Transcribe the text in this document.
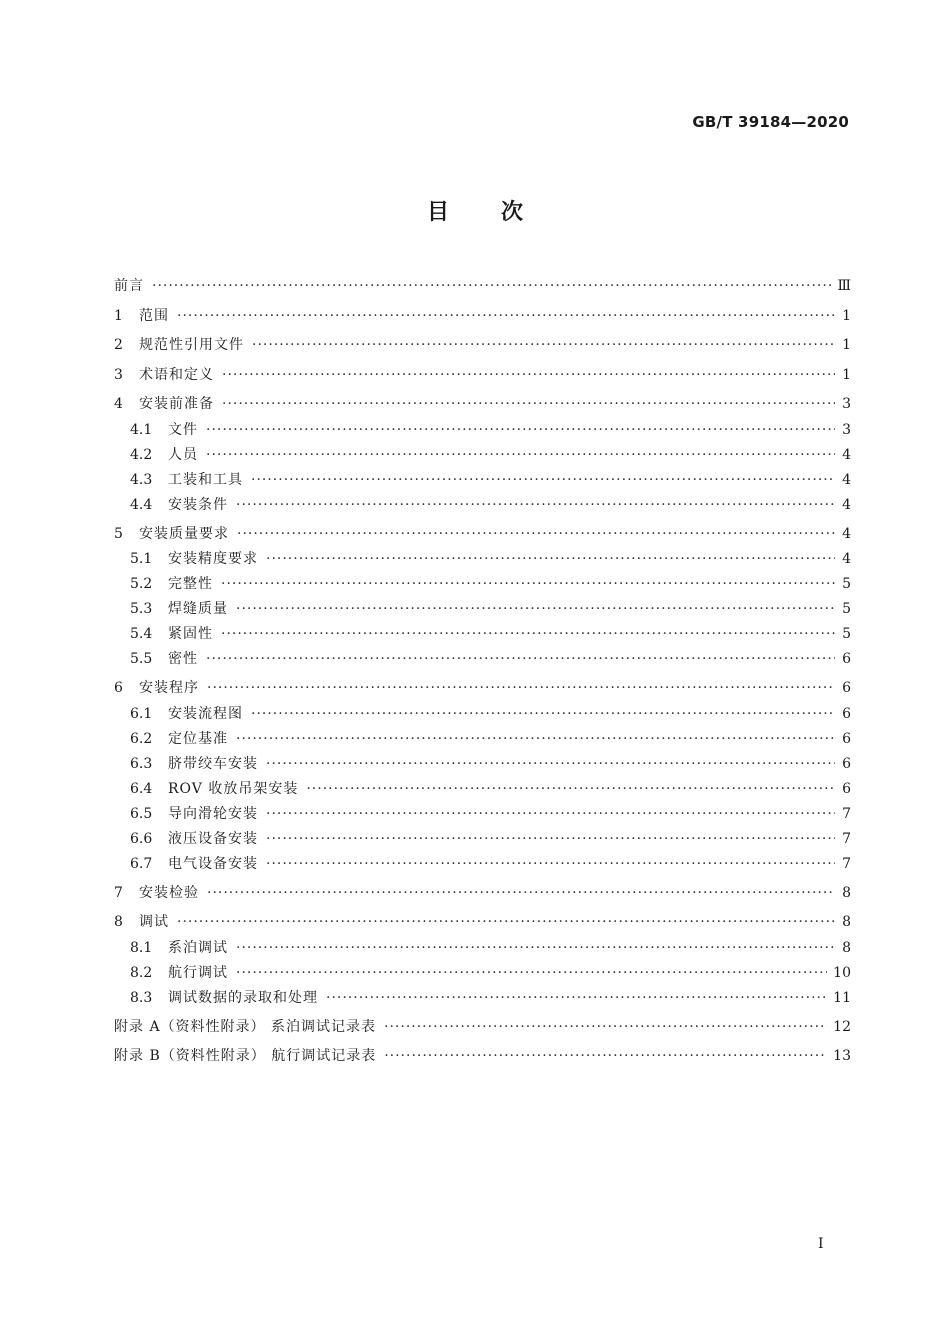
GB/T 39184—2020
目 次
前言 ·····	Ⅲ
1	范围 ·····	1
2	规范性引用文件 ·····	1
3	术语和定义 ·····	1
4	安装前准备 ·····	3
4.1	文件 ·····	3
4.2	人员 ·····	4
4.3	工装和工具 ·····	4
4.4	安装条件 ·····	4
5	安装质量要求 ·····	4
5.1	安装精度要求 ·····	4
5.2	完整性 ·····	5
5.3	焊缝质量 ·····	5
5.4	紧固性 ·····	5
5.5	密性 ·····	6
6	安装程序 ·····	6
6.1	安装流程图 ·····	6
6.2	定位基准 ·····	6
6.3	脐带绞车安装 ·····	6
6.4	ROV 收放吊架安装 ·····	6
6.5	导向滑轮安装 ·····	7
6.6	液压设备安装 ·····	7
6.7	电气设备安装 ·····	7
7	安装检验 ·····	8
8	调试 ·····	8
8.1	系泊调试 ·····	8
8.2	航行调试 ·····	10
8.3	调试数据的录取和处理 ·····	11
附录 A（资料性附录） 系泊调试记录表 ·····	12
附录 B（资料性附录） 航行调试记录表 ·····	13
I
